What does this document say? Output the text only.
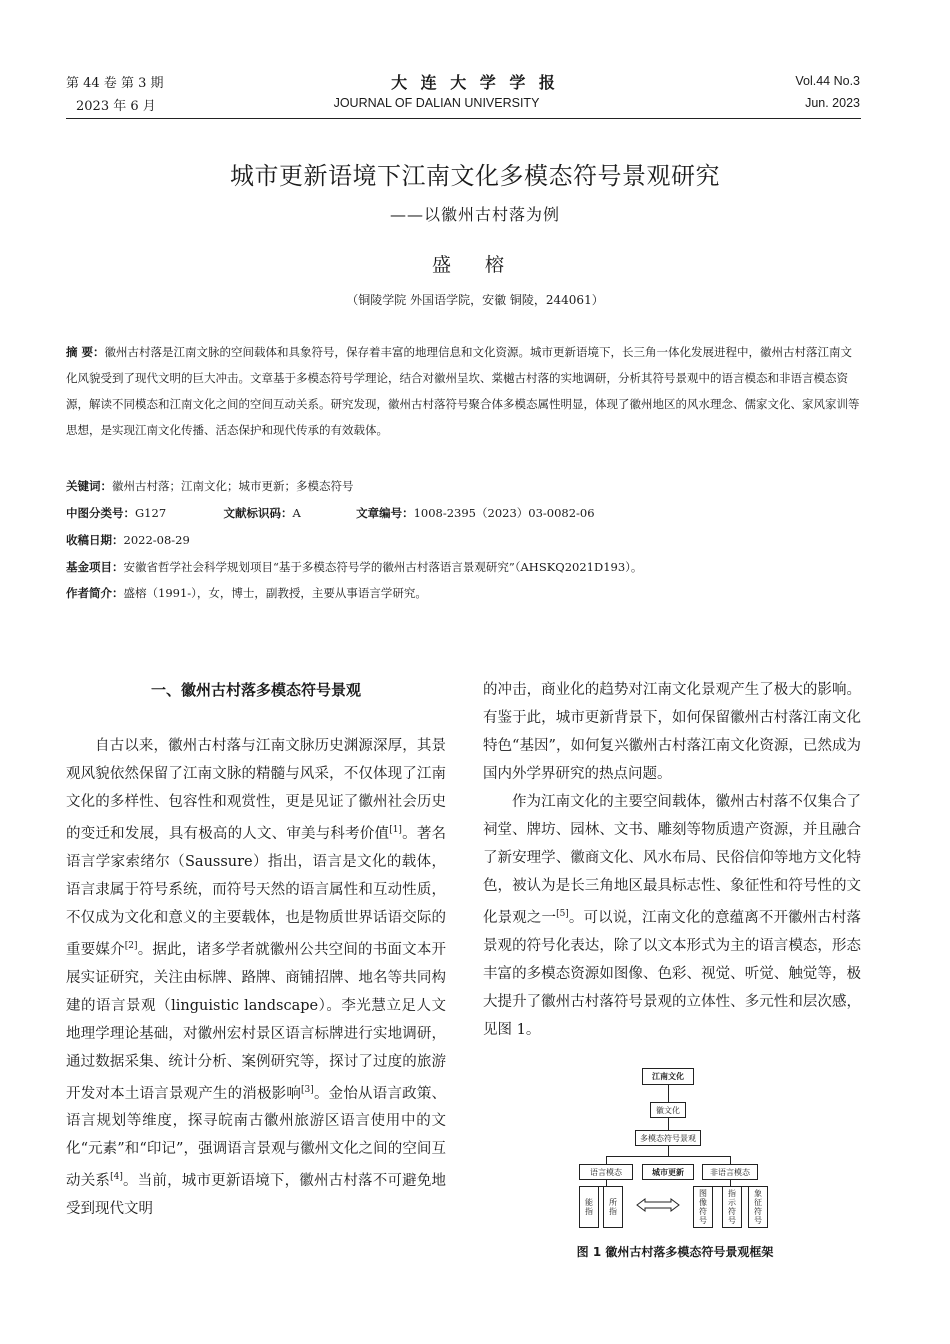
第 44 卷 第 3 期
2023 年 6 月
大 连 大 学 学 报
JOURNAL OF DALIAN UNIVERSITY
Vol.44 No.3
Jun. 2023
城市更新语境下江南文化多模态符号景观研究
——以徽州古村落为例
盛 榕
（铜陵学院 外国语学院，安徽 铜陵，244061）
摘 要：徽州古村落是江南文脉的空间载体和具象符号，保存着丰富的地理信息和文化资源。城市更新语境下，长三角一体化发展进程中，徽州古村落江南文化风貌受到了现代文明的巨大冲击。文章基于多模态符号学理论，结合对徽州呈坎、棠樾古村落的实地调研，分析其符号景观中的语言模态和非语言模态资源，解读不同模态和江南文化之间的空间互动关系。研究发现，徽州古村落符号聚合体多模态属性明显，体现了徽州地区的风水理念、儒家文化、家风家训等思想，是实现江南文化传播、活态保护和现代传承的有效载体。
关键词：徽州古村落；江南文化；城市更新；多模态符号
中图分类号：G127	文献标识码：A	文章编号：1008-2395（2023）03-0082-06
收稿日期：2022-08-29
基金项目：安徽省哲学社会科学规划项目“基于多模态符号学的徽州古村落语言景观研究”（AHSKQ2021D193）。
作者简介：盛榕（1991-），女，博士，副教授，主要从事语言学研究。
一、徽州古村落多模态符号景观

自古以来，徽州古村落与江南文脉历史渊源深厚，其景观风貌依然保留了江南文脉的精髓与风采，不仅体现了江南文化的多样性、包容性和观赏性，更是见证了徽州社会历史的变迁和发展，具有极高的人文、审美与科考价值[1]。著名语言学家索绪尔（Saussure）指出，语言是文化的载体，语言隶属于符号系统，而符号天然的语言属性和互动性质，不仅成为文化和意义的主要载体，也是物质世界话语交际的重要媒介[2]。据此，诸多学者就徽州公共空间的书面文本开展实证研究，关注由标牌、路牌、商铺招牌、地名等共同构建的语言景观（linguistic landscape）。李光慧立足人文地理学理论基础，对徽州宏村景区语言标牌进行实地调研，通过数据采集、统计分析、案例研究等，探讨了过度的旅游开发对本土语言景观产生的消极影响[3]。金怡从语言政策、语言规划等维度，探寻皖南古徽州旅游区语言使用中的文化“元素”和“印记”，强调语言景观与徽州文化之间的空间互动关系[4]。当前，城市更新语境下，徽州古村落不可避免地受到现代文明

的冲击，商业化的趋势对江南文化景观产生了极大的影响。有鉴于此，城市更新背景下，如何保留徽州古村落江南文化特色“基因”，如何复兴徽州古村落江南文化资源，已然成为国内外学界研究的热点问题。

作为江南文化的主要空间载体，徽州古村落不仅集合了祠堂、牌坊、园林、文书、雕刻等物质遗产资源，并且融合了新安理学、徽商文化、风水布局、民俗信仰等地方文化特色，被认为是长三角地区最具标志性、象征性和符号性的文化景观之一[5]。可以说，江南文化的意蕴离不开徽州古村落景观的符号化表达，除了以文本形式为主的语言模态，形态丰富的多模态资源如图像、色彩、视觉、听觉、触觉等，极大提升了徽州古村落符号景观的立体性、多元性和层次感，见图 1。

江南文化
徽文化
多模态符号景观
语言模态	城市更新	非语言模态
能指	所指	图像符号	指示符号	象征符号
图 1 徽州古村落多模态符号景观框架
